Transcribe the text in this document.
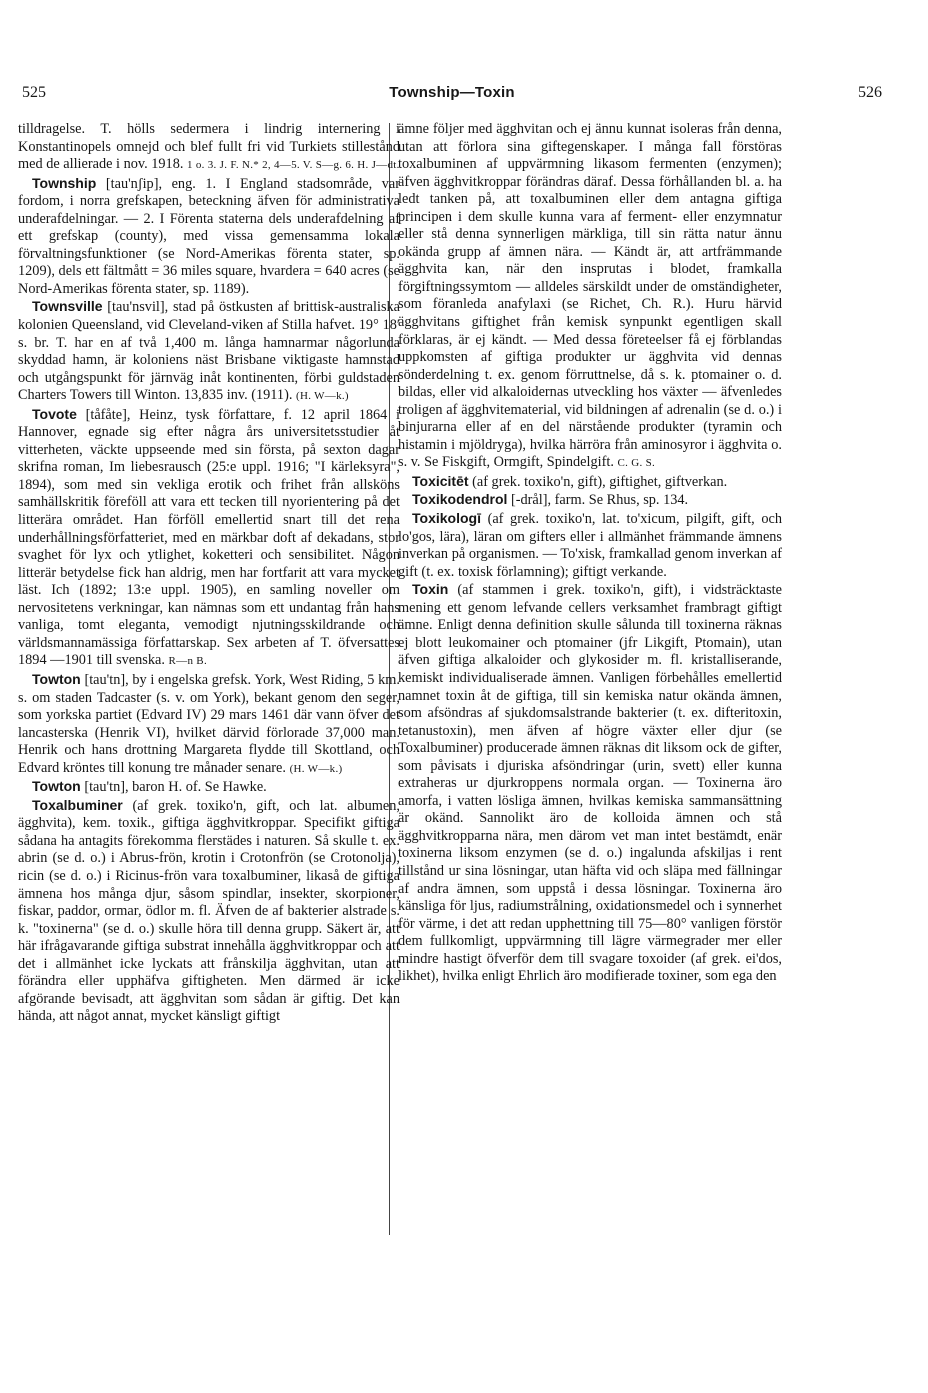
525	Township—Toxin	526

tilldragelse. T. hölls sedermera i lindrig internering i Konstantinopels omnejd och blef fullt fri vid Turkiets stillestånd med de allierade i nov. 1918. 1 o. 3. J. F. N.* 2, 4—5. V. S—g. 6. H. J—dt.

Township [tau'nʃip], eng. 1. I England stadsområde, var fordom, i norra grefskapen, beteckning äfven för administrativa underafdelningar. — 2. I Förenta staterna dels underafdelning af ett grefskap (county), med vissa gemensamma lokala förvaltningsfunktioner (se Nord-Amerikas förenta stater, sp. 1209), dels ett fältmått = 36 miles square, hvardera = 640 acres (se Nord-Amerikas förenta stater, sp. 1189).

Townsville [tau'nsvil], stad på östkusten af brittisk-australiska kolonien Queensland, vid Cleveland-viken af Stilla hafvet. 19° 18′ s. br. T. har en af två 1,400 m. långa hamnarmar någorlunda skyddad hamn, är koloniens näst Brisbane viktigaste hamnstad och utgångspunkt för järnväg inåt kontinenten, förbi guldstaden Charters Towers till Winton. 13,835 inv. (1911). (H. W—k.)

Tovote [tåfåte], Heinz, tysk författare, f. 12 april 1864 i Hannover, egnade sig efter några års universitetsstudier åt vitterheten, väckte uppseende med sin första, på sexton dagar skrifna roman, Im liebesrausch (25:e uppl. 1916; "I kärleksyra", 1894), som med sin vekliga erotik och frihet från allsköns samhällskritik föreföll att vara ett tecken till nyorientering på det litterära området. Han förföll emellertid snart till det rena underhållningsförfatteriet, med en märkbar doft af dekadans, stor svaghet för lyx och ytlighet, koketteri och sensibilitet. Någon litterär betydelse fick han aldrig, men har fortfarit att vara mycket läst. Ich (1892; 13:e uppl. 1905), en samling noveller om nervositetens verkningar, kan nämnas som ett undantag från hans vanliga, tomt eleganta, vemodigt njutningsskildrande och världsmannamässiga författarskap. Sex arbeten af T. öfversattes 1894 —1901 till svenska. R—n B.

Towton [tau'tn], by i engelska grefsk. York, West Riding, 5 km. s. om staden Tadcaster (s. v. om York), bekant genom den seger, som yorkska partiet (Edvard IV) 29 mars 1461 där vann öfver det lancasterska (Henrik VI), hvilket därvid förlorade 37,000 man. Henrik och hans drottning Margareta flydde till Skottland, och Edvard kröntes till konung tre månader senare. (H. W—k.)

Towton [tau'tn], baron H. of. Se Hawke.

Toxalbuminer (af grek. toxiko'n, gift, och lat. albumen, ägghvita), kem. toxik., giftiga ägghvitkroppar. Specifikt giftiga sådana ha antagits förekomma flerstädes i naturen. Så skulle t. ex. abrin (se d. o.) i Abrus-frön, krotin i Crotonfrön (se Crotonolja), ricin (se d. o.) i Ricinus-frön vara toxalbuminer, likaså de giftiga ämnena hos många djur, såsom spindlar, insekter, skorpioner, fiskar, paddor, ormar, ödlor m. fl. Äfven de af bakterier alstrade s. k. "toxinerna" (se d. o.) skulle höra till denna grupp. Säkert är, att här ifrågavarande giftiga substrat innehålla ägghvitkroppar och att det i allmänhet icke lyckats att frånskilja ägghvitan, utan att förändra eller upphäfva giftigheten. Men därmed är icke afgörande bevisadt, att ägghvitan som sådan är giftig. Det kan hända, att något annat, mycket känsligt giftigt

ämne följer med ägghvitan och ej ännu kunnat isoleras från denna, utan att förlora sina giftegenskaper. I många fall förstöras toxalbuminen af uppvärmning likasom fermenten (enzymen); äfven ägghvitkroppar förändras däraf. Dessa förhållanden bl. a. ha ledt tanken på, att toxalbuminen eller dem antagna giftiga principen i dem skulle kunna vara af ferment- eller enzymnatur eller stå denna synnerligen märkliga, till sin rätta natur ännu okända grupp af ämnen nära. — Kändt är, att artfrämmande ägghvita kan, när den insprutas i blodet, framkalla förgiftningssymtom — alldeles särskildt under de omständigheter, som föranleda anafylaxi (se Richet, Ch. R.). Huru härvid ägghvitans giftighet från kemisk synpunkt egentligen skall förklaras, är ej kändt. — Med dessa företeelser få ej förblandas uppkomsten af giftiga produkter ur ägghvita vid dennas sönderdelning t. ex. genom förruttnelse, då s. k. ptomainer o. d. bildas, eller vid alkaloidernas utveckling hos växter — äfvenledes troligen af ägghvitematerial, vid bildningen af adrenalin (se d. o.) i binjurarna eller af en del närstående produkter (tyramin och histamin i mjöldryga), hvilka härröra från aminosyror i ägghvita o. s. v. Se Fiskgift, Ormgift, Spindelgift. C. G. S.

Toxicitēt (af grek. toxiko'n, gift), giftighet, giftverkan.

Toxikodendrol [-drål], farm. Se Rhus, sp. 134.

Toxikologī (af grek. toxiko'n, lat. to'xicum, pilgift, gift, och lo'gos, lära), läran om gifters eller i allmänhet främmande ämnens inverkan på organismen. — To'xisk, framkallad genom inverkan af gift (t. ex. toxisk förlamning); giftigt verkande.

Toxin (af stammen i grek. toxiko'n, gift), i vidsträcktaste mening ett genom lefvande cellers verksamhet frambragt giftigt ämne. Enligt denna definition skulle sålunda till toxinerna räknas ej blott leukomainer och ptomainer (jfr Likgift, Ptomain), utan äfven giftiga alkaloider och glykosider m. fl. kristalliserande, kemiskt individualiserade ämnen. Vanligen förbehålles emellertid namnet toxin åt de giftiga, till sin kemiska natur okända ämnen, som afsöndras af sjukdomsalstrande bakterier (t. ex. difteritoxin, tetanustoxin), men äfven af högre växter eller djur (se Toxalbuminer) producerade ämnen räknas dit liksom ock de gifter, som påvisats i djuriska afsöndringar (urin, svett) eller kunna extraheras ur djurkroppens normala organ. — Toxinerna äro amorfa, i vatten lösliga ämnen, hvilkas kemiska sammansättning är okänd. Sannolikt äro de kolloida ämnen och stå ägghvitkropparna nära, men därom vet man intet bestämdt, enär toxinerna liksom enzymen (se d. o.) ingalunda afskiljas i rent tillstånd ur sina lösningar, utan häfta vid och släpa med fällningar af andra ämnen, som uppstå i dessa lösningar. Toxinerna äro känsliga för ljus, radiumstrålning, oxidationsmedel och i synnerhet för värme, i det att redan upphettning till 75—80° vanligen förstör dem fullkomligt, uppvärmning till lägre värmegrader mer eller mindre hastigt öfverför dem till svagare toxoider (af grek. ei'dos, likhet), hvilka enligt Ehrlich äro modifierade toxiner, som ega den
